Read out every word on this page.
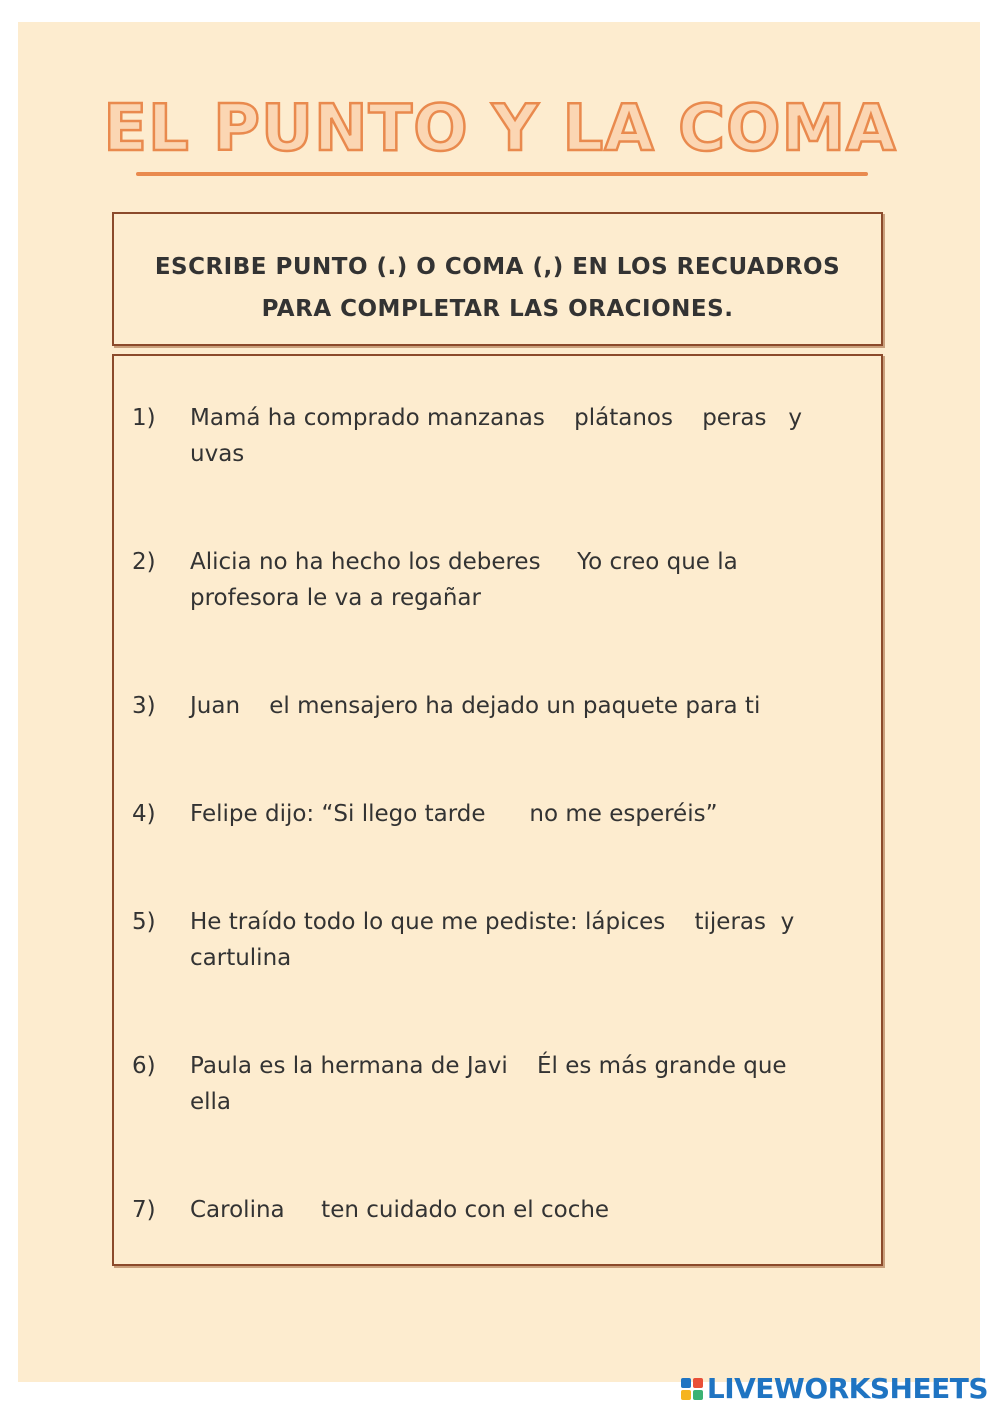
EL PUNTO Y LA COMA
ESCRIBE PUNTO (.) O COMA (,) EN LOS RECUADROS
PARA COMPLETAR LAS ORACIONES.
1)	Mamá ha comprado manzanas    plátanos    peras   y
uvas
2)	Alicia no ha hecho los deberes     Yo creo que la
profesora le va a regañar
3)	Juan    el mensajero ha dejado un paquete para ti
4)	Felipe dijo: “Si llego tarde      no me esperéis”
5)	He traído todo lo que me pediste: lápices    tijeras  y
cartulina
6)	Paula es la hermana de Javi    Él es más grande que
ella
7)	Carolina     ten cuidado con el coche
LIVEWORKSHEETS
